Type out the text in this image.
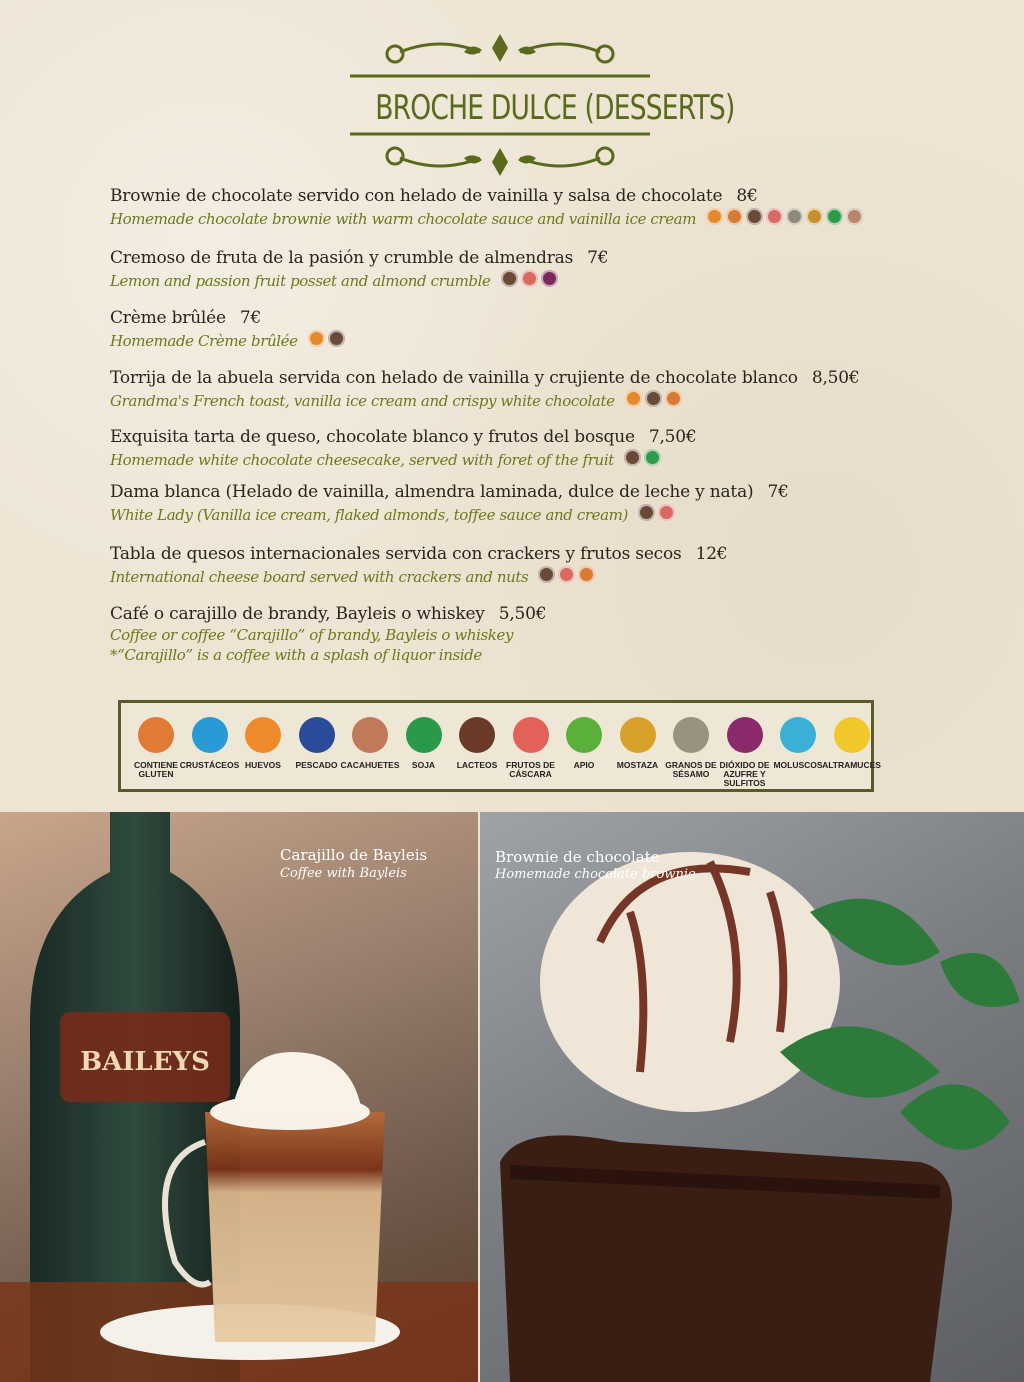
BROCHE DULCE (DESSERTS)
Brownie de chocolate servido con helado de vainilla y salsa de chocolate 8€
Homemade chocolate brownie with warm chocolate sauce and vainilla ice cream
Cremoso de fruta de la pasión y crumble de almendras 7€
Lemon and passion fruit posset and almond crumble
Crème brûlée 7€
Homemade Crème brûlée
Torrija de la abuela servida con helado de vainilla y crujiente de chocolate blanco 8,50€
Grandma's French toast, vanilla ice cream and crispy white chocolate
Exquisita tarta de queso, chocolate blanco y frutos del bosque 7,50€
Homemade white chocolate cheesecake, served with foret of the fruit
Dama blanca (Helado de vainilla, almendra laminada, dulce de leche y nata) 7€
White Lady (Vanilla ice cream, flaked almonds, toffee sauce and cream)
Tabla de quesos internacionales servida con crackers y frutos secos 12€
International cheese board served with crackers and nuts
Café o carajillo de brandy, Bayleis o whiskey 5,50€
Coffee or coffee “Carajillo” of brandy, Bayleis o whiskey
*“Carajillo” is a coffee with a splash of liquor inside
CONTIENE GLUTEN
CRUSTÁCEOS HUEVOS	PESCADO CACAHUETES	SOJA	LACTEOS	FRUTOS DE CÁSCARA
APIO	MOSTAZA GRANOS DE SÉSAMO
DIÓXIDO DE AZUFRE Y SULFITOS
MOLUSCOS ALTRAMUCES
BAILEYS
Carajillo de Bayleis
Coffee with Bayleis
Brownie de chocolate
Homemade chocolate brownie
